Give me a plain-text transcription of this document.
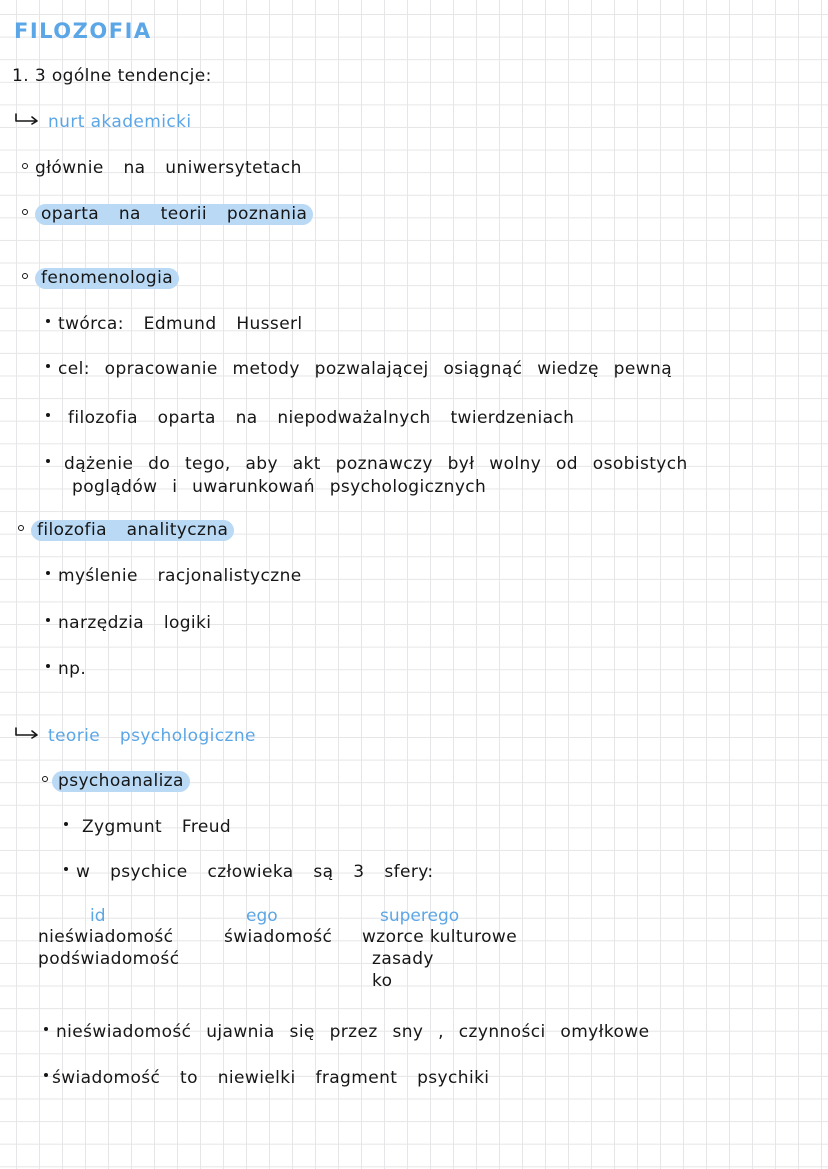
FILOZOFIA
1. 3 ogólne tendencje:
nurt akademicki
głównie na uniwersytetach
oparta na teorii poznania
fenomenologia
twórca: Edmund Husserl
cel: opracowanie metody pozwalającej osiągnąć wiedzę pewną
filozofia oparta na niepodważalnych twierdzeniach
dążenie do tego, aby akt poznawczy był wolny od osobistych
poglądów i uwarunkowań psychologicznych
filozofia analityczna
myślenie racjonalistyczne
narzędzia logiki
np.
teorie psychologiczne
psychoanaliza
Zygmunt Freud
w psychice człowieka są 3 sfery:
id
nieświadomość
podświadomość
ego
świadomość
superego
wzorce kulturowe
zasady
ko
nieświadomość ujawnia się przez sny , czynności omyłkowe
świadomość to niewielki fragment psychiki
